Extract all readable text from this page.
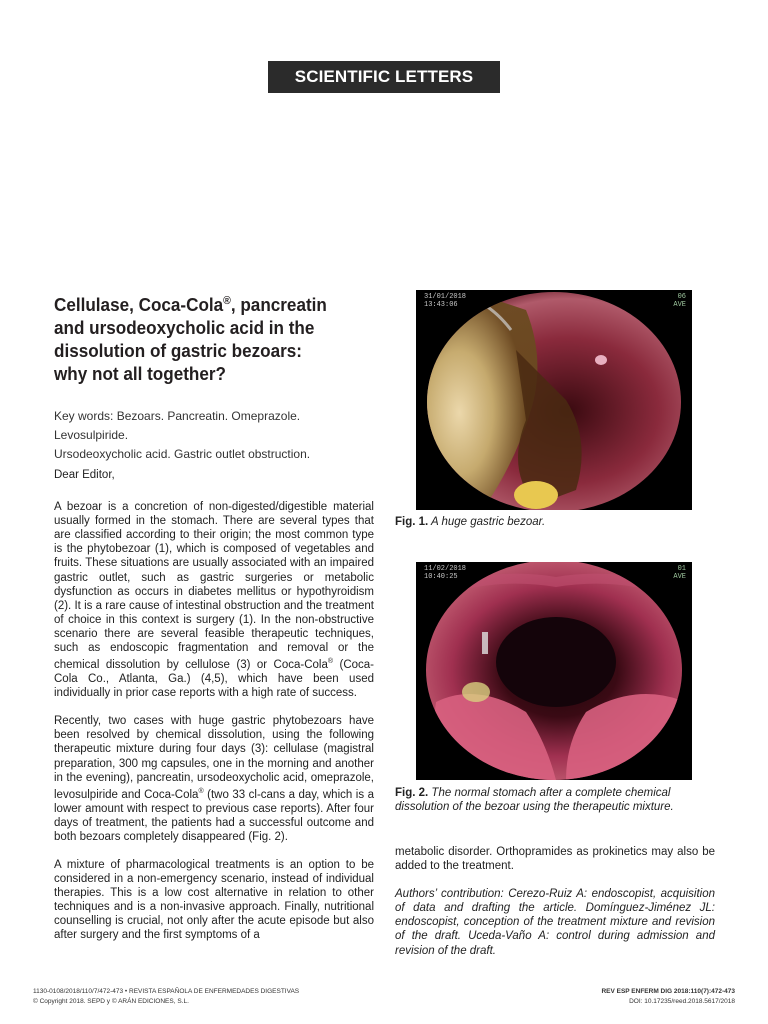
SCIENTIFIC LETTERS
Cellulase, Coca-Cola®, pancreatin and ursodeoxycholic acid in the dissolution of gastric bezoars: why not all together?
Key words: Bezoars. Pancreatin. Omeprazole. Levosulpiride.
Ursodeoxycholic acid. Gastric outlet obstruction.

Dear Editor,

A bezoar is a concretion of non-digested/digestible material usually formed in the stomach. There are several types that are classified according to their origin; the most common type is the phytobezoar (1), which is composed of vegetables and fruits. These situations are usually associated with an impaired gastric outlet, such as gastric surgeries or metabolic dysfunction as occurs in diabetes mellitus or hypothyroidism (2). It is a rare cause of intestinal obstruction and the treatment of choice in this context is surgery (1). In the non-obstructive scenario there are several feasible therapeutic techniques, such as endoscopic fragmentation and removal or the chemical dissolution by cellulose (3) or Coca-Cola® (Coca-Cola Co., Atlanta, Ga.) (4,5), which have been used individually in prior case reports with a high rate of success.

Recently, two cases with huge gastric phytobezoars have been resolved by chemical dissolution, using the following therapeutic mixture during four days (3): cellulase (magistral preparation, 300 mg capsules, one in the morning and another in the evening), pancreatin, ursodeoxycholic acid, omeprazole, levosulpiride and Coca-Cola® (two 33 cl-cans a day, which is a lower amount with respect to previous case reports). After four days of treatment, the patients had a successful outcome and both bezoars completely disappeared (Fig. 2).

A mixture of pharmacological treatments is an option to be considered in a non-emergency scenario, instead of individual therapies. This is a low cost alternative in relation to other techniques and is a non-invasive approach. Finally, nutritional counselling is crucial, not only after the acute episode but also after surgery and the first symptoms of a

31/01/2018
13:43:06
06
AVE
Fig. 1. A huge gastric bezoar.
11/02/2018
10:40:25
01
AVE
Fig. 2. The normal stomach after a complete chemical dissolution of the bezoar using the therapeutic mixture.

metabolic disorder. Orthopramides as prokinetics may also be added to the treatment.

Authors’ contribution: Cerezo-Ruiz A: endoscopist, acquisition of data and drafting the article. Domínguez-Jiménez JL: endoscopist, conception of the treatment mixture and revision of the draft. Uceda-Vaño A: control during admission and revision of the draft.

1130-0108/2018/110/7/472-473 • REVISTA ESPAÑOLA DE ENFERMEDADES DIGESTIVAS
© Copyright 2018. SEPD y © ARÁN EDICIONES, S.L.
REV ESP ENFERM DIG 2018:110(7):472-473
DOI: 10.17235/reed.2018.5617/2018
